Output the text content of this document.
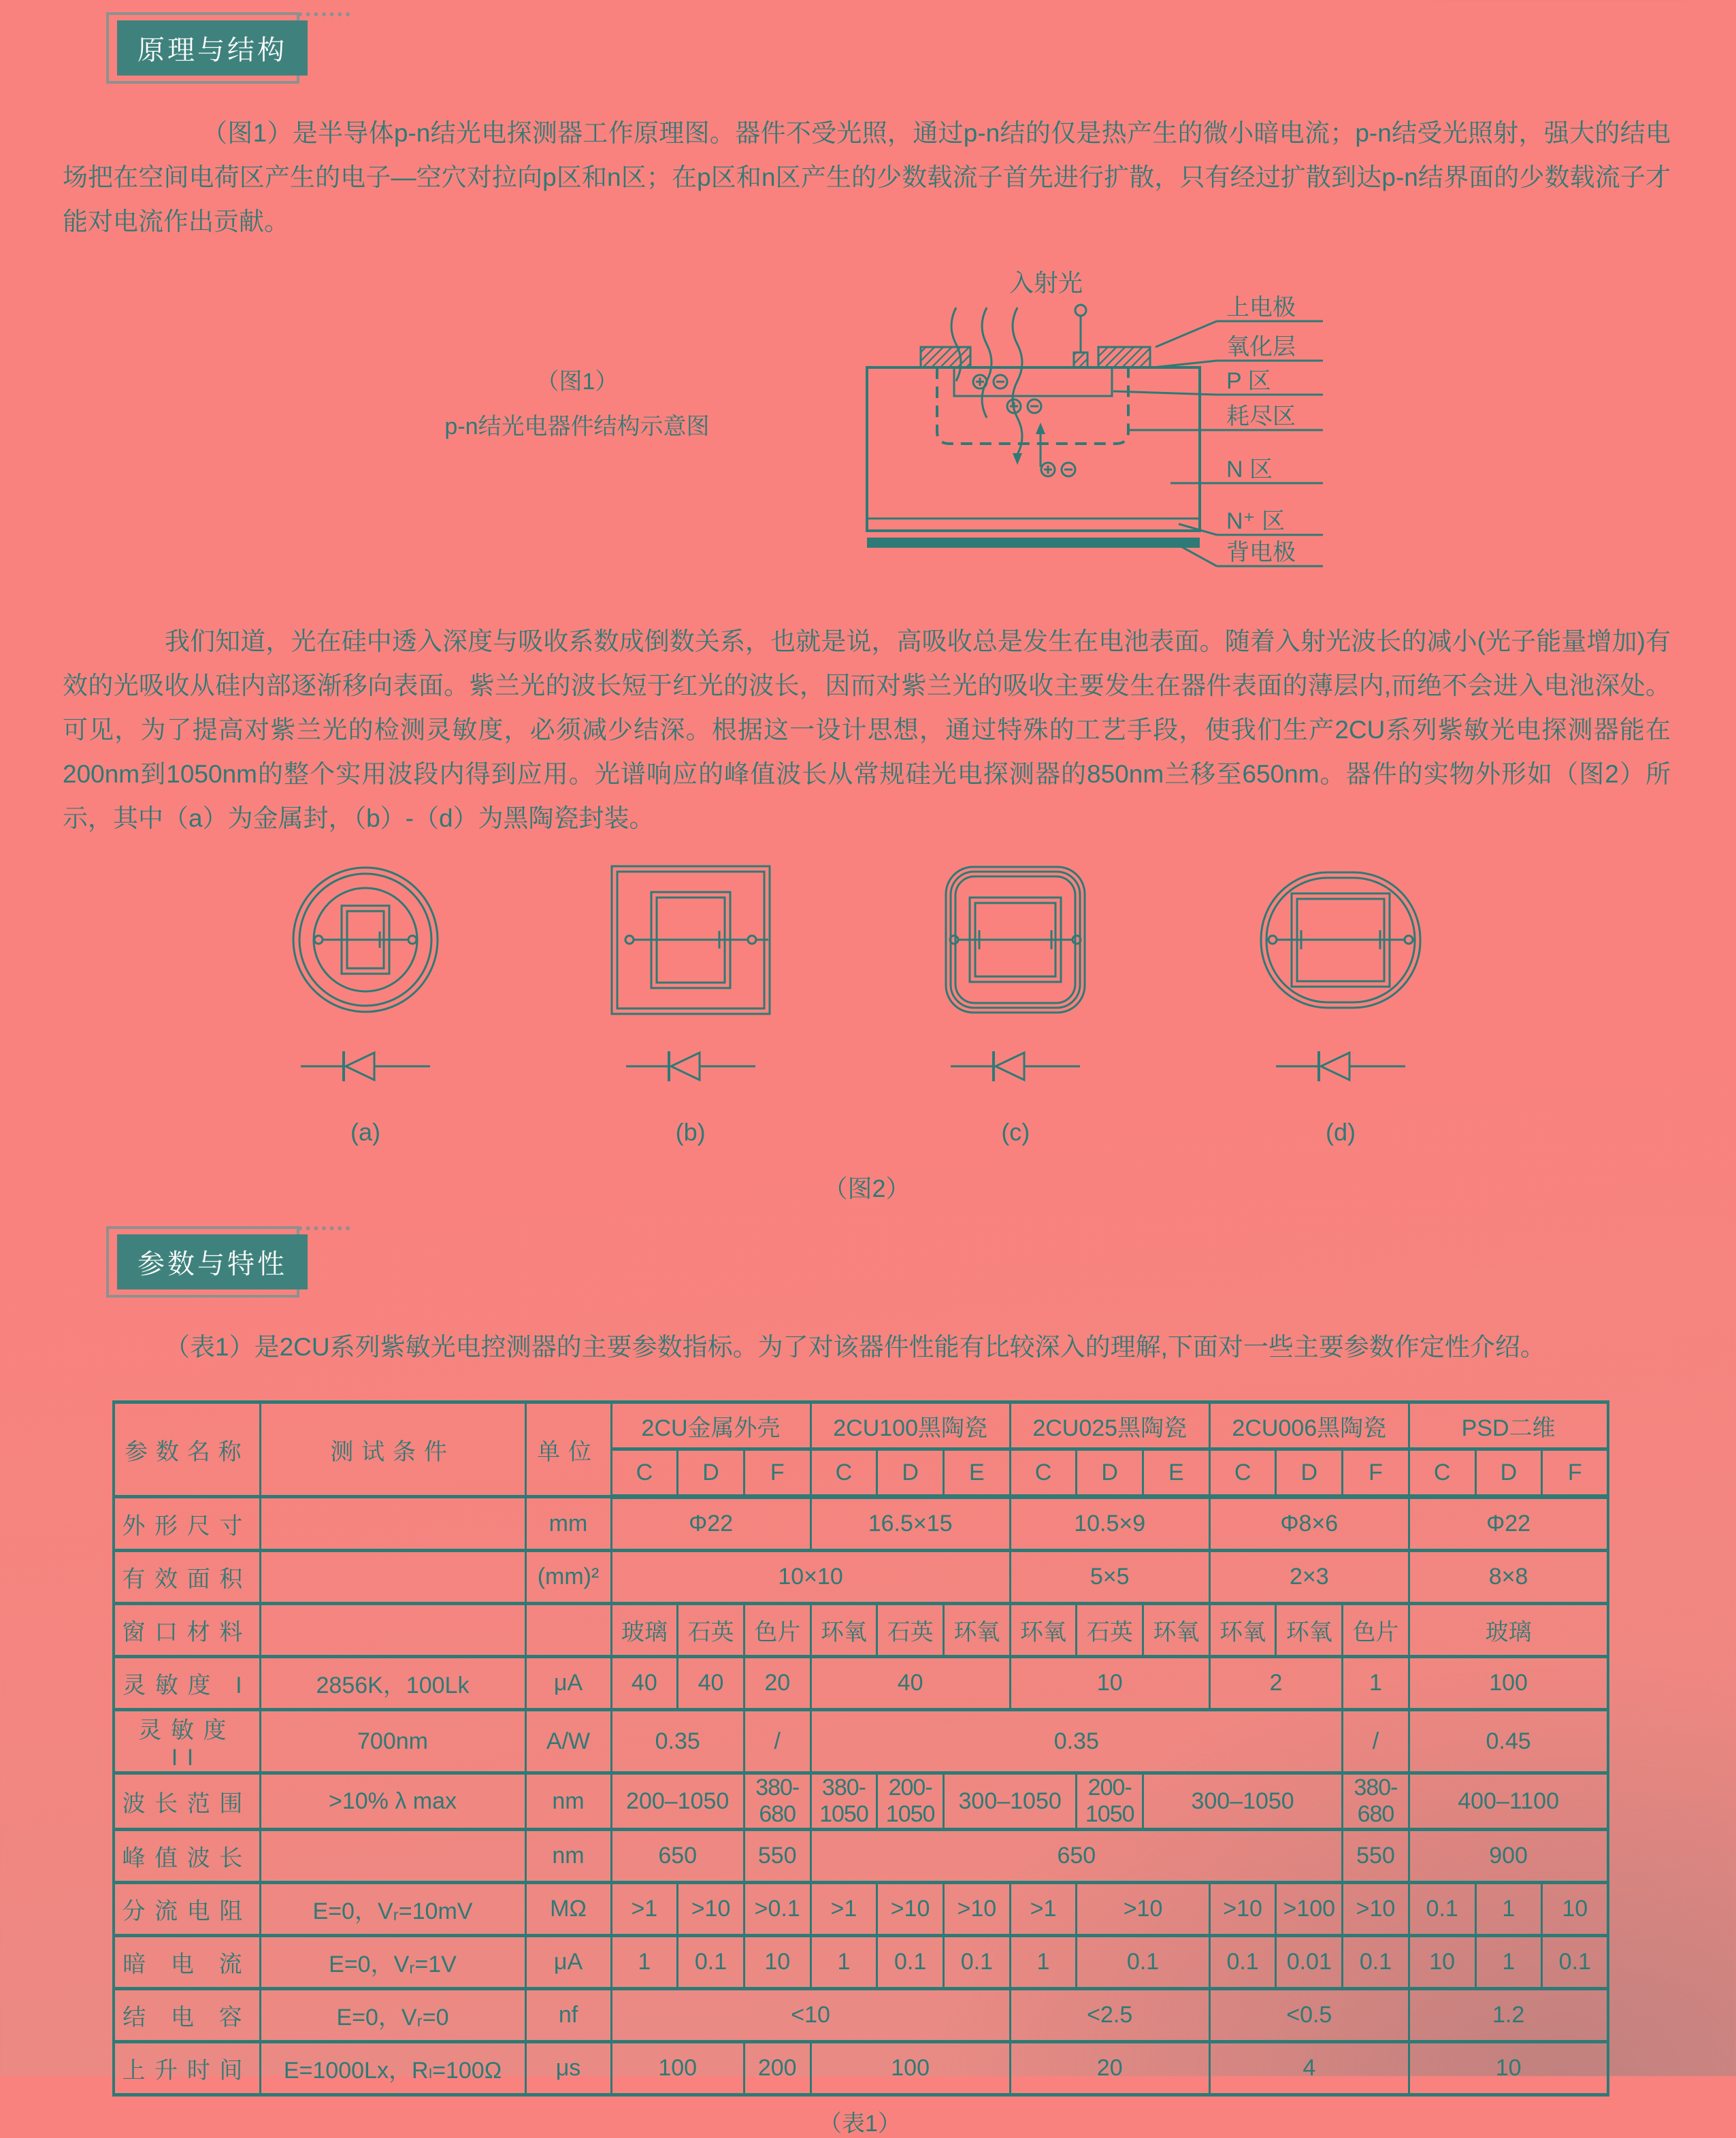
原理与结构

（图1）是半导体p-n结光电探测器工作原理图。器件不受光照，通过p-n结的仅是热产生的微小暗电流；p-n结受光照射，强大的结电场把在空间电荷区产生的电子—空穴对拉向p区和n区；在p区和n区产生的少数载流子首先进行扩散，只有经过扩散到达p-n结界面的少数载流子才能对电流作出贡献。

（图1）
p-n结光电器件结构示意图
入射光
上电极
氧化层
P 区
耗尽区
N 区
N⁺ 区
背电极

我们知道，光在硅中透入深度与吸收系数成倒数关系，也就是说，高吸收总是发生在电池表面。随着入射光波长的减小(光子能量增加)有效的光吸收从硅内部逐渐移向表面。紫兰光的波长短于红光的波长，因而对紫兰光的吸收主要发生在器件表面的薄层内,而绝不会进入电池深处。可见，为了提高对紫兰光的检测灵敏度，必须减少结深。根据这一设计思想，通过特殊的工艺手段，使我们生产2CU系列紫敏光电探测器能在200nm到1050nm的整个实用波段内得到应用。光谱响应的峰值波长从常规硅光电探测器的850nm兰移至650nm。器件的实物外形如（图2）所示，其中（a）为金属封，（b）-（d）为黑陶瓷封装。

(a)	(b)	(c)	(d)
（图2）
参数与特性

（表1）是2CU系列紫敏光电控测器的主要参数指标。为了对该器件性能有比较深入的理解,下面对一些主要参数作定性介绍。

参数名称	测试条件	单位	2CU金属外壳			2CU100黑陶瓷			2CU025黑陶瓷			2CU006黑陶瓷			PSD二维		
			C	D	F	C	D	E	C	D	E	C	D	F	C	D	F
外形尺寸		mm	Φ22			16.5×15			10.5×9			Φ8×6			Φ22		
有效面积		(mm)²	10×10						5×5			2×3			8×8		
窗口材料			玻璃	石英	色片	环氧	石英	环氧	环氧	石英	环氧	环氧	环氧	色片	玻璃		
灵敏度 I	2856K，100Lk	μA	40	40	20	40			10			2		1	100		
灵敏度 II	700nm	A/W	0.35		/	0.35								/	0.45		
波长范围	>10% λ max	nm	200–1050		380-680	380-1050	200-1050	300–1050		200-1050	300–1050			380-680	400–1100		
峰值波长		nm	650		550	650								550	900		
分流电阻	E=0，Vᵣ=10mV	MΩ	>1	>10	>0.1	>1	>10	>10	>1	>10		>10	>100	>10	0.1	1	10
暗 电 流	E=0，Vᵣ=1V	μA	1	0.1	10	1	0.1	0.1	1	0.1		0.1	0.01	0.1	10	1	0.1
结 电 容	E=0，Vᵣ=0	nf	<10						<2.5			<0.5			1.2		
上升时间	E=1000Lx，Rₗ=100Ω	μs	100		200	100			20			4			10		
（表1）
